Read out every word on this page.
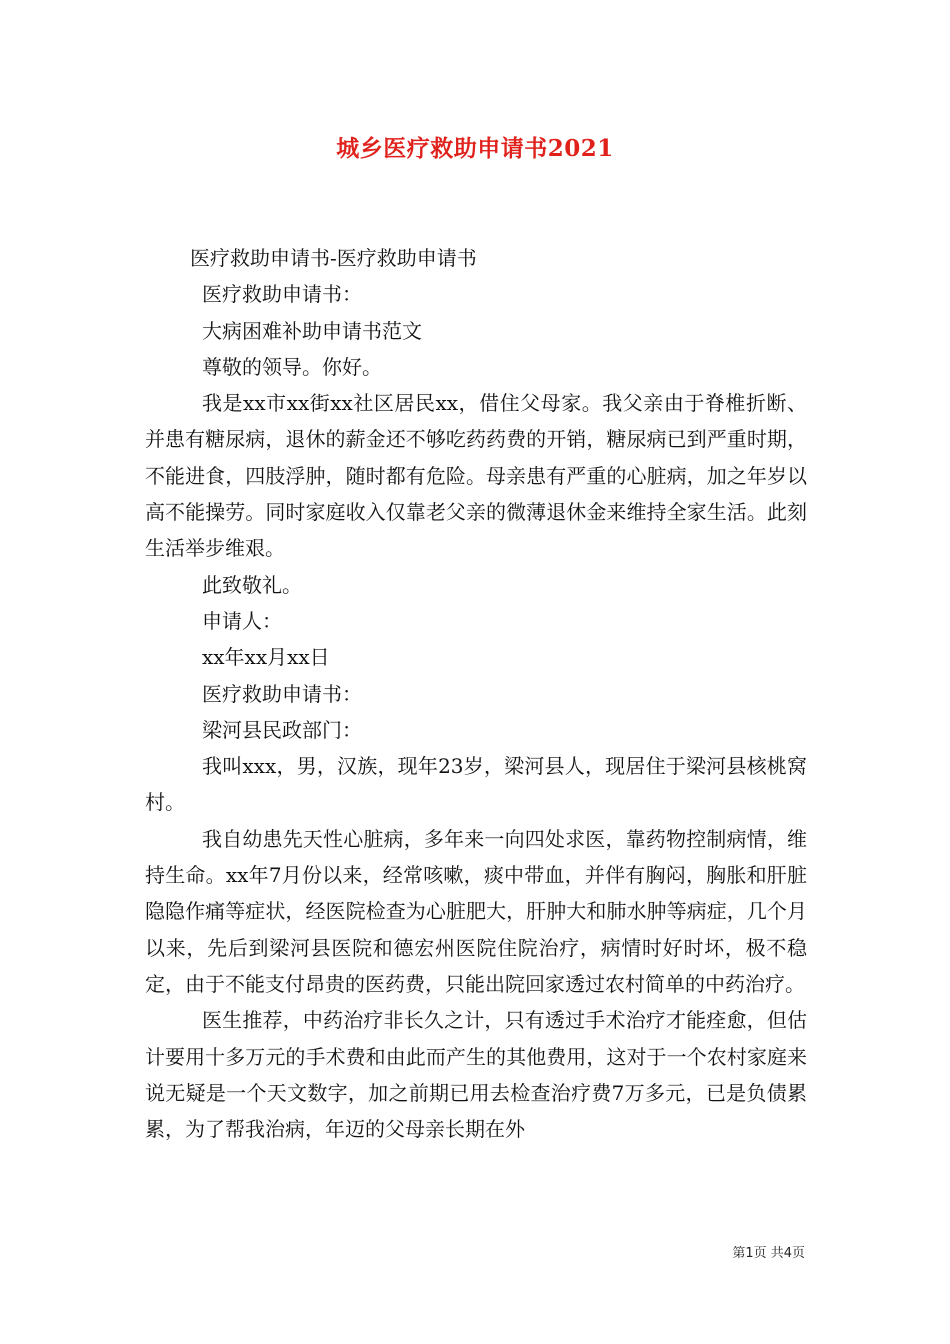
城乡医疗救助申请书2021

医疗救助申请书-医疗救助申请书

医疗救助申请书：

大病困难补助申请书范文

尊敬的领导。你好。

我是xx市xx街xx社区居民xx，借住父母家。我父亲由于脊椎折断、并患有糖尿病，退休的薪金还不够吃药药费的开销，糖尿病已到严重时期，不能进食，四肢浮肿，随时都有危险。母亲患有严重的心脏病，加之年岁以高不能操劳。同时家庭收入仅靠老父亲的微薄退休金来维持全家生活。此刻生活举步维艰。

此致敬礼。

申请人：

xx年xx月xx日

医疗救助申请书：

梁河县民政部门：

我叫xxx，男，汉族，现年23岁，梁河县人，现居住于梁河县核桃窝村。

我自幼患先天性心脏病，多年来一向四处求医，靠药物控制病情，维持生命。xx年7月份以来，经常咳嗽，痰中带血，并伴有胸闷，胸胀和肝脏隐隐作痛等症状，经医院检查为心脏肥大，肝肿大和肺水肿等病症，几个月以来，先后到梁河县医院和德宏州医院住院治疗，病情时好时坏，极不稳定，由于不能支付昂贵的医药费，只能出院回家透过农村简单的中药治疗。

医生推荐，中药治疗非长久之计，只有透过手术治疗才能痊愈，但估计要用十多万元的手术费和由此而产生的其他费用，这对于一个农村家庭来说无疑是一个天文数字，加之前期已用去检查治疗费7万多元，已是负债累累，为了帮我治病，年迈的父母亲长期在外

第1页 共4页
